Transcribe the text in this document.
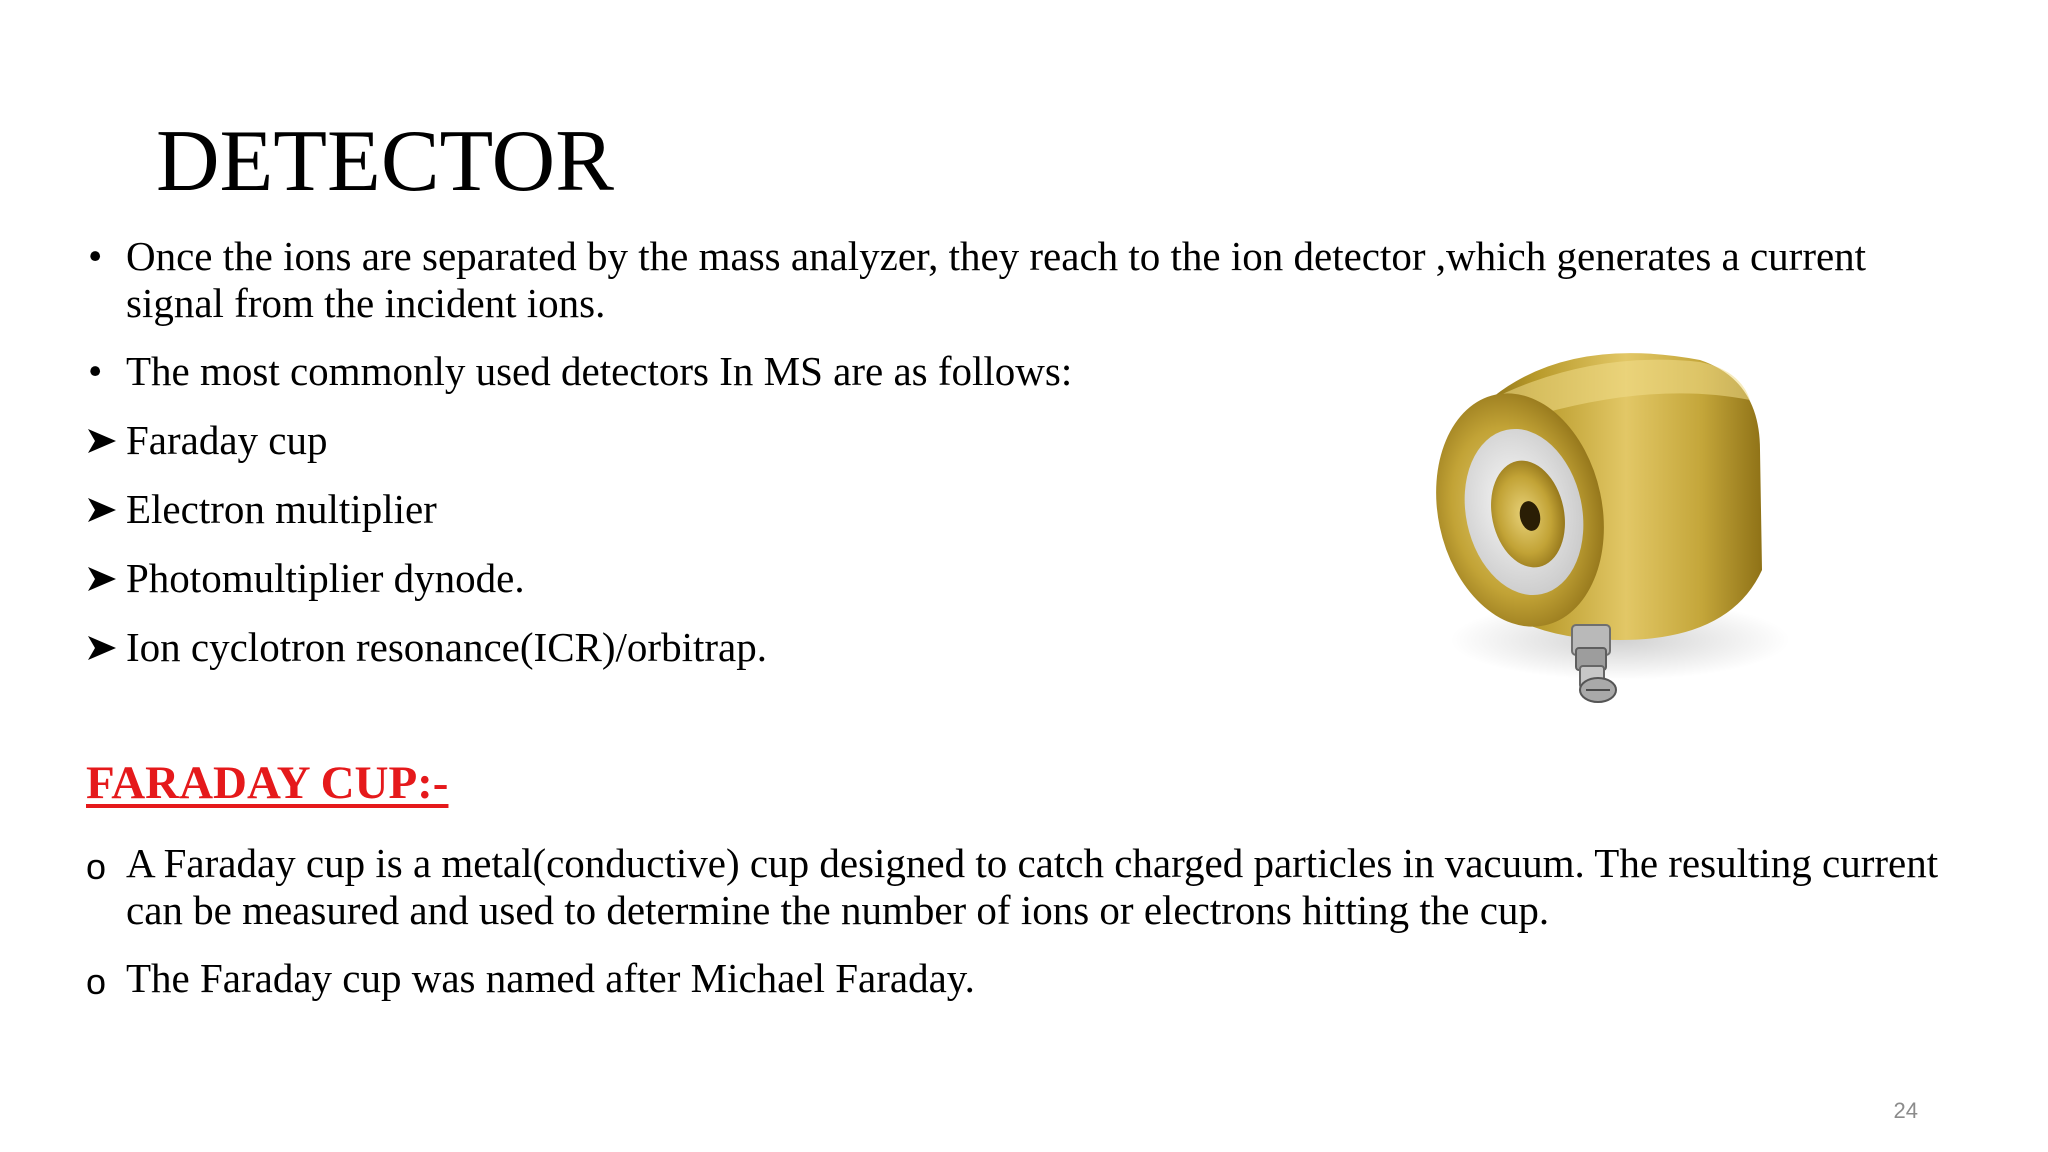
DETECTOR
• Once the ions are separated by the mass analyzer, they reach to the ion detector ,which generates a current signal from the incident ions.
• The most commonly used detectors In MS are as follows:
Faraday cup
Electron multiplier
Photomultiplier dynode.
Ion cyclotron resonance(ICR)/orbitrap.
FARADAY CUP:-
o A Faraday cup is a metal(conductive) cup designed to catch charged particles in vacuum. The resulting current can be measured and used to determine the number of ions or electrons hitting the cup.
o The Faraday cup was named after Michael Faraday.
24
